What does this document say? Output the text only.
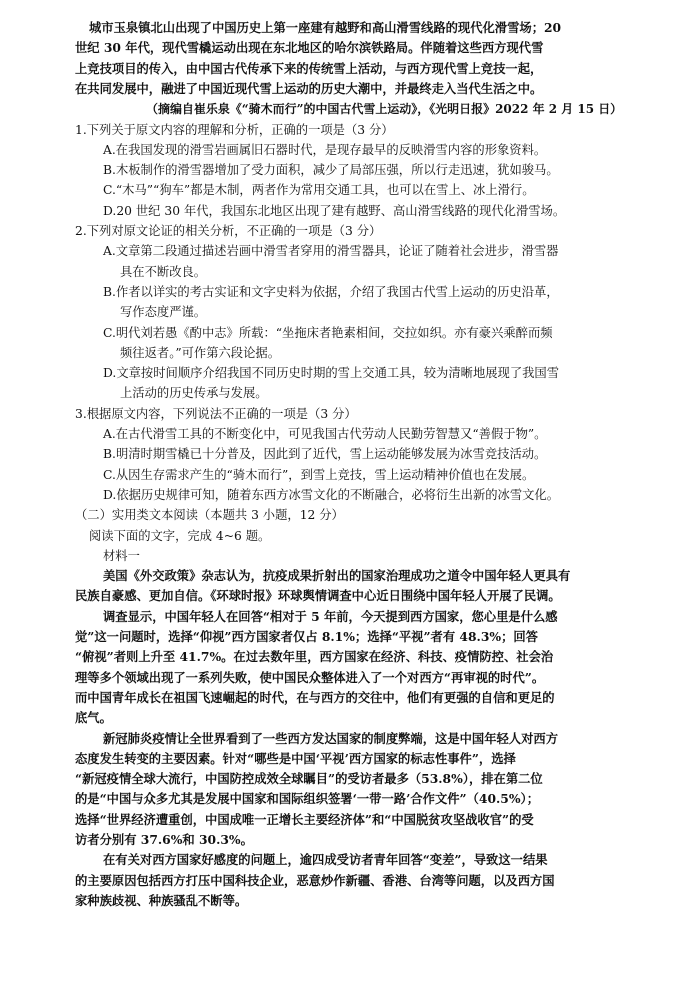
城市玉泉镇北山出现了中国历史上第一座建有越野和高山滑雪线路的现代化滑雪场；20
世纪 30 年代，现代雪橇运动出现在东北地区的哈尔滨铁路局。伴随着这些西方现代雪
上竞技项目的传入，由中国古代传承下来的传统雪上活动，与西方现代雪上竞技一起，
在共同发展中，融进了中国近现代雪上运动的历史大潮中，并最终走入当代生活之中。
（摘编自崔乐泉《“骑木而行”的中国古代雪上运动》，《光明日报》2022 年 2 月 15 日）
1.下列关于原文内容的理解和分析，正确的一项是（3 分）
A.在我国发现的滑雪岩画属旧石器时代，是现存最早的反映滑雪内容的形象资料。
B.木板制作的滑雪器增加了受力面积，减少了局部压强，所以行走迅速，犹如骏马。
C.“木马”“狗车”都是木制，两者作为常用交通工具，也可以在雪上、冰上滑行。
D.20 世纪 30 年代，我国东北地区出现了建有越野、高山滑雪线路的现代化滑雪场。
2.下列对原文论证的相关分析，不正确的一项是（3 分）
A.文章第二段通过描述岩画中滑雪者穿用的滑雪器具，论证了随着社会进步，滑雪器
具在不断改良。
B.作者以详实的考古实证和文字史料为依据，介绍了我国古代雪上运动的历史沿革，
写作态度严谨。
C.明代刘若愚《酌中志》所载：“坐拖床者艳素相间，交拉如织。亦有豪兴乘醉而频
频往返者。”可作第六段论据。
D.文章按时间顺序介绍我国不同历史时期的雪上交通工具，较为清晰地展现了我国雪
上活动的历史传承与发展。
3.根据原文内容，下列说法不正确的一项是（3 分）
A.在古代滑雪工具的不断变化中，可见我国古代劳动人民勤劳智慧又“善假于物”。
B.明清时期雪橇已十分普及，因此到了近代，雪上运动能够发展为冰雪竞技活动。
C.从因生存需求产生的“骑木而行”，到雪上竞技，雪上运动精神价值也在发展。
D.依据历史规律可知，随着东西方冰雪文化的不断融合，必将衍生出新的冰雪文化。
（二）实用类文本阅读（本题共 3 小题，12 分）
阅读下面的文字，完成 4~6 题。
材料一
美国《外交政策》杂志认为，抗疫成果折射出的国家治理成功之道令中国年轻人更具有
民族自豪感、更加自信。《环球时报》环球舆情调查中心近日围绕中国年轻人开展了民调。
调查显示，中国年轻人在回答“相对于 5 年前，今天提到西方国家，您心里是什么感
觉”这一问题时，选择“仰视”西方国家者仅占 8.1%；选择“平视”者有 48.3%；回答
“俯视”者则上升至 41.7%。在过去数年里，西方国家在经济、科技、疫情防控、社会治
理等多个领域出现了一系列失败，使中国民众整体进入了一个对西方“再审视的时代”。
而中国青年成长在祖国飞速崛起的时代，在与西方的交往中，他们有更强的自信和更足的
底气。
新冠肺炎疫情让全世界看到了一些西方发达国家的制度弊端，这是中国年轻人对西方
态度发生转变的主要因素。针对“哪些是中国‘平视’西方国家的标志性事件”，选择
“新冠疫情全球大流行，中国防控成效全球瞩目”的受访者最多（53.8%），排在第二位
的是“中国与众多尤其是发展中国家和国际组织签署‘一带一路’合作文件”（40.5%）；
选择“世界经济遭重创，中国成唯一正增长主要经济体”和“中国脱贫攻坚战收官”的受
访者分别有 37.6%和 30.3%。
在有关对西方国家好感度的问题上，逾四成受访者青年回答“变差”，导致这一结果
的主要原因包括西方打压中国科技企业，恶意炒作新疆、香港、台湾等问题，以及西方国
家种族歧视、种族骚乱不断等。
